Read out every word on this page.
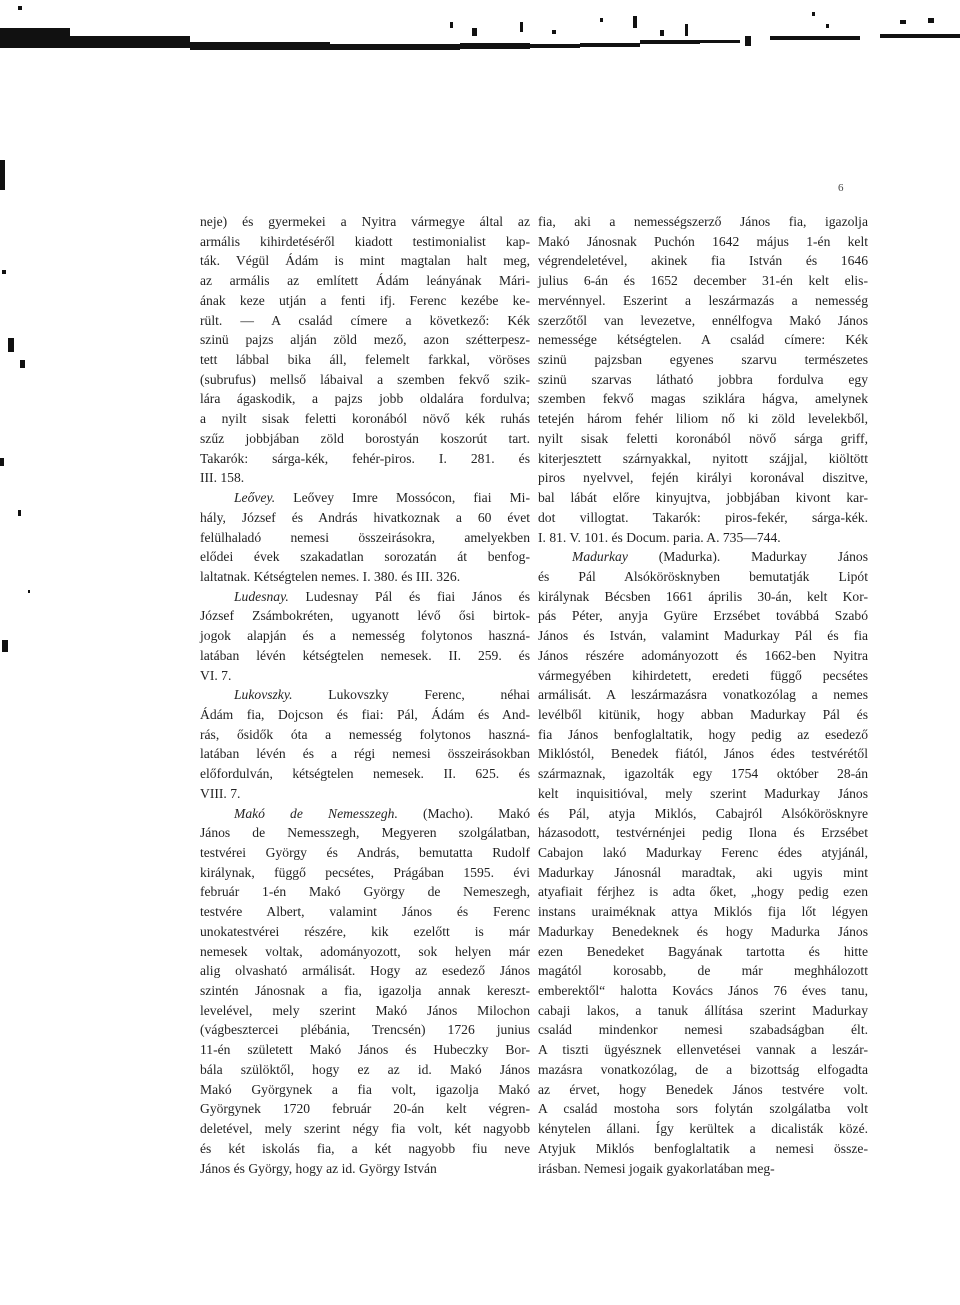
6
neje) és gyermekei a Nyitra vármegye által az
armális kihirdetéséről kiadott testimonialist kap-
ták. Végül Ádám is mint magtalan halt meg,
az armális az említett Ádám leányának Mári-
ának keze utján a fenti ifj. Ferenc kezébe ke-
rült. — A család címere a következő: Kék
szinü pajzs alján zöld mező, azon szétterpesz-
tett lábbal bika áll, felemelt farkkal, vöröses
(subrufus) mellső lábaival a szemben fekvő szik-
lára ágaskodik, a pajzs jobb oldalára fordulva;
a nyilt sisak feletti koronából növő kék ruhás
szűz jobbjában zöld borostyán koszorút tart.
Takarók: sárga-kék, fehér-piros. I. 281. és
III. 158.
Leővey. Leővey Imre Mossócon, fiai Mi-
hály, József és András hivatkoznak a 60 évet
felülhaladó nemesi összeirásokra, amelyekben
elődei évek szakadatlan sorozatán át benfog-
laltatnak. Kétségtelen nemes. I. 380. és III. 326.
Ludesnay. Ludesnay Pál és fiai János és
József Zsámbokréten, ugyanott lévő ősi birtok-
jogok alapján és a nemesség folytonos haszná-
latában lévén kétségtelen nemesek. II. 259. és
VI. 7.
Lukovszky. Lukovszky Ferenc, néhai
Ádám fia, Dojcson és fiai: Pál, Ádám és And-
rás, ősidők óta a nemesség folytonos haszná-
latában lévén és a régi nemesi összeirásokban
előfordulván, kétségtelen nemesek. II. 625. és
VIII. 7.
Makó de Nemesszegh. (Macho). Makó
János de Nemesszegh, Megyeren szolgálatban,
testvérei György és András, bemutatta Rudolf
királynak, függő pecsétes, Prágában 1595. évi
február 1-én Makó György de Nemeszegh,
testvére Albert, valamint János és Ferenc
unokatestvérei részére, kik ezelőtt is már
nemesek voltak, adományozott, sok helyen már
alig olvasható armálisát. Hogy az esedező János
szintén Jánosnak a fia, igazolja annak kereszt-
levelével, mely szerint Makó János Milochon
(vágbesztercei plébánia, Trencsén) 1726 junius
11-én született Makó János és Hubeczky Bor-
bála szülöktől, hogy ez az id. Makó János
Makó Györgynek a fia volt, igazolja Makó
Györgynek 1720 február 20-án kelt végren-
deletével, mely szerint négy fia volt, két nagyobb
és két iskolás fia, a két nagyobb fiu neve
János és György, hogy az id. György István
fia, aki a nemességszerző János fia, igazolja
Makó Jánosnak Puchón 1642 május 1-én kelt
végrendeletével, akinek fia István és 1646
julius 6-án és 1652 december 31-én kelt elis-
mervénnyel. Eszerint a leszármazás a nemesség
szerzőtől van levezetve, ennélfogva Makó János
nemessége kétségtelen. A család címere: Kék
szinü pajzsban egyenes szarvu természetes
szinü szarvas látható jobbra fordulva egy
szemben fekvő magas sziklára hágva, amelynek
tetején három fehér liliom nő ki zöld levelekből,
nyilt sisak feletti koronából növő sárga griff,
kiterjesztett szárnyakkal, nyitott szájjal, kiöltött
piros nyelvvel, fején királyi koronával diszitve,
bal lábát előre kinyujtva, jobbjában kivont kar-
dot villogtat. Takarók: piros-fekér, sárga-kék.
I. 81. V. 101. és Docum. paria. A. 735—744.
Madurkay (Madurka). Madurkay János
és Pál Alsókörösknyben bemutatják Lipót
királynak Bécsben 1661 április 30-án, kelt Kor-
pás Péter, anyja Gyüre Erzsébet továbbá Szabó
János és István, valamint Madurkay Pál és fia
János részére adományozott és 1662-ben Nyitra
vármegyében kihirdetett, eredeti függő pecsétes
armálisát. A leszármazásra vonatkozólag a nemes
levélből kitünik, hogy abban Madurkay Pál és
fia János benfoglaltatik, hogy pedig az esedező
Miklóstól, Benedek fiától, János édes testvérétől
származnak, igazolták egy 1754 október 28-án
kelt inquisitióval, mely szerint Madurkay János
és Pál, atyja Miklós, Cabajról Alsókörösknyre
házasodott, testvérnénjei pedig Ilona és Erzsébet
Cabajon lakó Madurkay Ferenc édes atyjánál,
Madurkay Jánosnál maradtak, aki ugyis mint
atyafiait férjhez is adta őket, „hogy pedig ezen
instans uraiméknak attya Miklós fija lőt légyen
Madurkay Benedeknek és hogy Madurka János
ezen Benedeket Bagyának tartotta és hitte
magától korosabb, de már meghhálozott
emberektől“ halotta Kovács János 76 éves tanu,
cabaji lakos, a tanuk állítása szerint Madurkay
család mindenkor nemesi szabadságban élt.
A tiszti ügyésznek ellenvetései vannak a leszár-
mazásra vonatkozólag, de a bizottság elfogadta
az érvet, hogy Benedek János testvére volt.
A család mostoha sors folytán szolgálatba volt
kénytelen állani. Így kerültek a dicalisták közé.
Atyjuk Miklós benfoglaltatik a nemesi össze-
irásban. Nemesi jogaik gyakorlatában meg-
